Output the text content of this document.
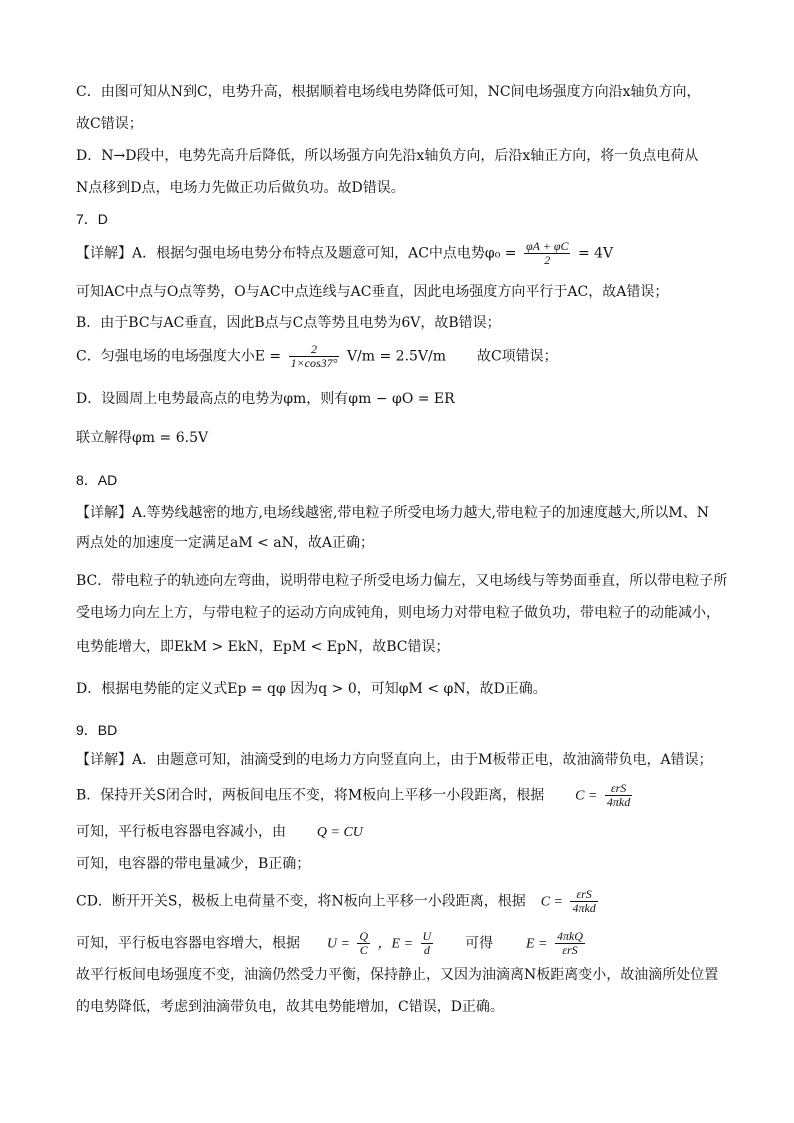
C．由图可知从N到C，电势升高，根据顺着电场线电势降低可知，NC间电场强度方向沿x轴负方向，
故C错误；
D．N→D段中，电势先高升后降低，所以场强方向先沿x轴负方向，后沿x轴正方向，将一负点电荷从
N点移到D点，电场力先做正功后做负功。故D错误。
7．D
【详解】A．根据匀强电场电势分布特点及题意可知，AC中点电势$\varphi_0 = \frac{\varphi A + \varphi C}{2} = 4V$
可知AC中点与O点等势，O与AC中点连线与AC垂直，因此电场强度方向平行于AC，故A错误；
B．由于BC与AC垂直，因此B点与C点等势且电势为6V，故B错误；
C．匀强电场的电场强度大小$E = \frac{2}{1\times\cos 37^\circ} V/m = 2.5V/m$ 故C项错误；
D．设圆周上电势最高点的电势为φm，则有φm − φO = ER
联立解得φm = 6.5V
8．AD
【详解】A.等势线越密的地方,电场线越密,带电粒子所受电场力越大,带电粒子的加速度越大,所以M、N
两点处的加速度一定满足aM < aN，故A正确；
BC．带电粒子的轨迹向左弯曲，说明带电粒子所受电场力偏左，又电场线与等势面垂直，所以带电粒子所
受电场力向左上方，与带电粒子的运动方向成钝角，则电场力对带电粒子做负功，带电粒子的动能减小，
电势能增大，即EkM > EkN，EpM < EpN，故BC错误；
D．根据电势能的定义式Ep = qφ 因为q > 0，可知φM < φN，故D正确。
9．BD
【详解】A．由题意可知，油滴受到的电场力方向竖直向上，由于M板带正电，故油滴带负电，A错误；
B．保持开关S闭合时，两板间电压不变，将M板向上平移一小段距离，根据 $C = \frac{\text{εrS}}{\text{4πkd}}$
可知，平行板电容器电容减小，由 Q = CU
可知，电容器的带电量减少，B正确；
CD．断开开关S，极板上电荷量不变，将N板向上平移一小段距离，根据 $C = \frac{\text{εrS}}{\text{4πkd}}$
可知，平行板电容器电容增大，根据 $U = \frac{Q}{C}$ ，$E = \frac{U}{d}$ 可得 $E = \frac{\text{4πkQ}}{\text{εrS}}$
故平行板间电场强度不变，油滴仍然受力平衡，保持静止，又因为油滴离N板距离变小，故油滴所处位置
的电势降低，考虑到油滴带负电，故其电势能增加，C错误，D正确。
